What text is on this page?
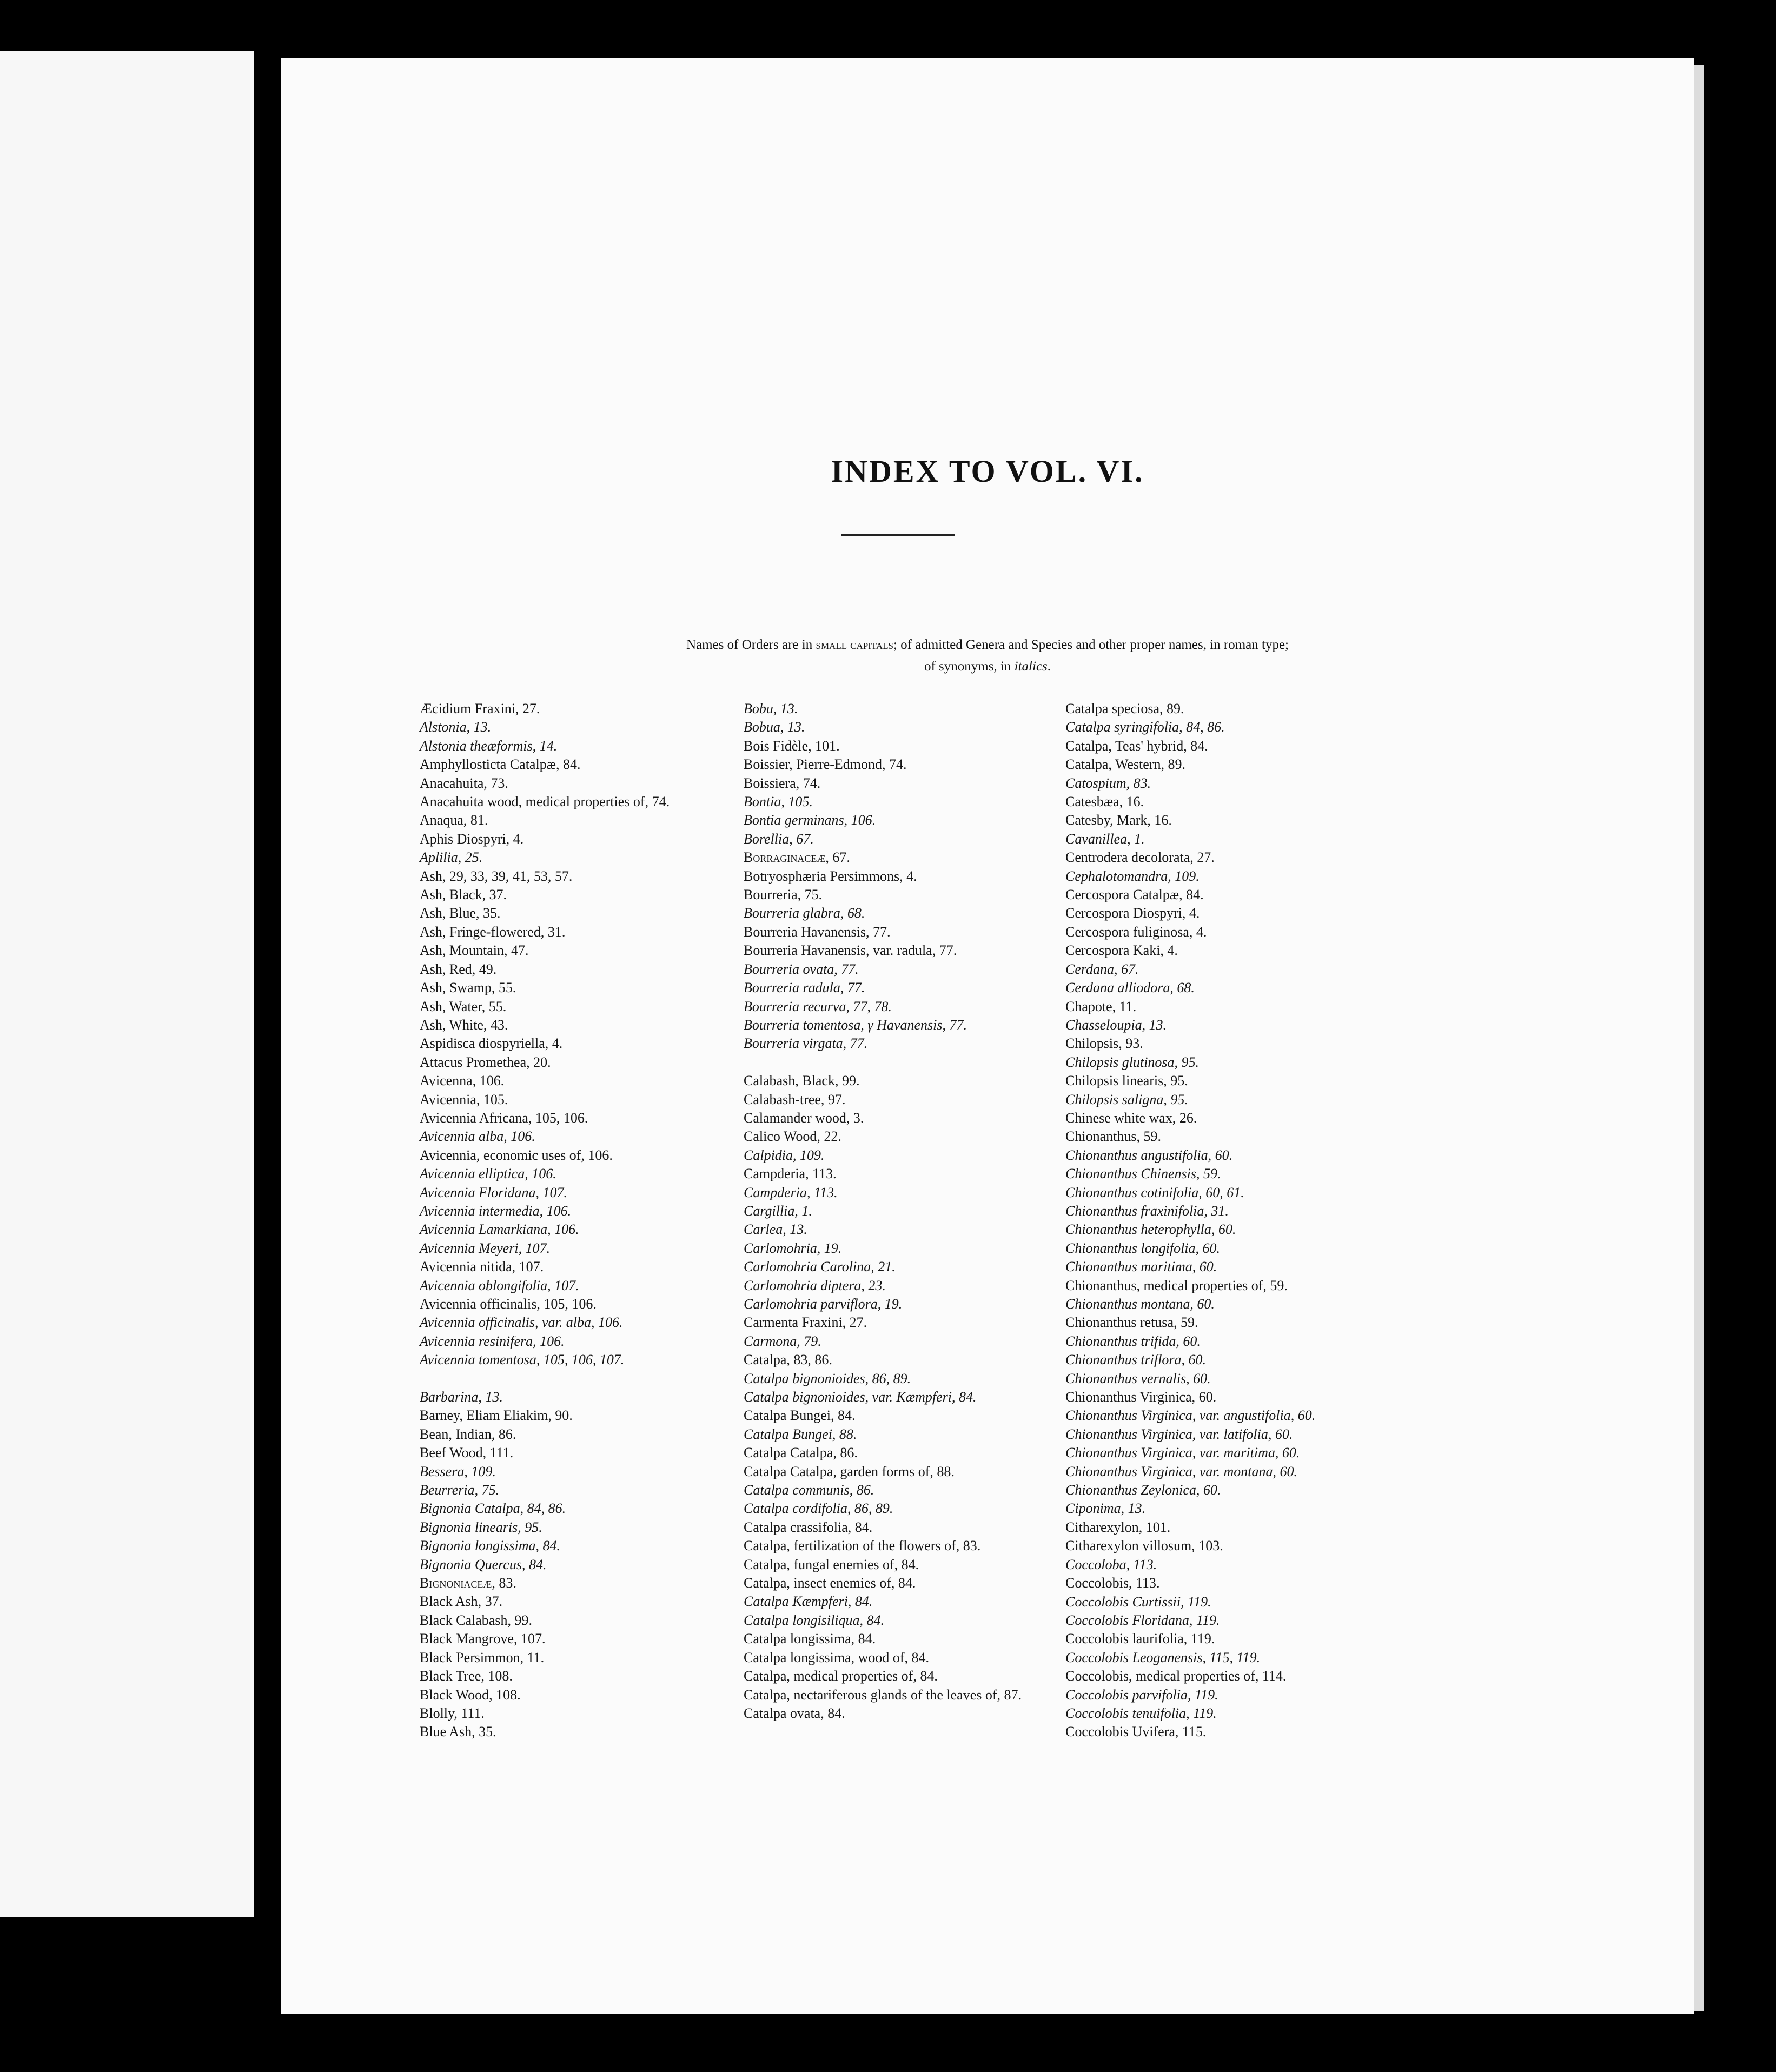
INDEX TO VOL. VI.
Names of Orders are in small capitals; of admitted Genera and Species and other proper names, in roman type;
of synonyms, in italics.
Æcidium Fraxini, 27.
Alstonia, 13.
Alstonia theæformis, 14.
Amphyllosticta Catalpæ, 84.
Anacahuita, 73.
Anacahuita wood, medical properties of, 74.
Anaqua, 81.
Aphis Diospyri, 4.
Aplilia, 25.
Ash, 29, 33, 39, 41, 53, 57.
Ash, Black, 37.
Ash, Blue, 35.
Ash, Fringe-flowered, 31.
Ash, Mountain, 47.
Ash, Red, 49.
Ash, Swamp, 55.
Ash, Water, 55.
Ash, White, 43.
Aspidisca diospyriella, 4.
Attacus Promethea, 20.
Avicenna, 106.
Avicennia, 105.
Avicennia Africana, 105, 106.
Avicennia alba, 106.
Avicennia, economic uses of, 106.
Avicennia elliptica, 106.
Avicennia Floridana, 107.
Avicennia intermedia, 106.
Avicennia Lamarkiana, 106.
Avicennia Meyeri, 107.
Avicennia nitida, 107.
Avicennia oblongifolia, 107.
Avicennia officinalis, 105, 106.
Avicennia officinalis, var. alba, 106.
Avicennia resinifera, 106.
Avicennia tomentosa, 105, 106, 107.
Barbarina, 13.
Barney, Eliam Eliakim, 90.
Bean, Indian, 86.
Beef Wood, 111.
Bessera, 109.
Beurreria, 75.
Bignonia Catalpa, 84, 86.
Bignonia linearis, 95.
Bignonia longissima, 84.
Bignonia Quercus, 84.
Bignoniaceæ, 83.
Black Ash, 37.
Black Calabash, 99.
Black Mangrove, 107.
Black Persimmon, 11.
Black Tree, 108.
Black Wood, 108.
Blolly, 111.
Blue Ash, 35.
Bobu, 13.
Bobua, 13.
Bois Fidèle, 101.
Boissier, Pierre-Edmond, 74.
Boissiera, 74.
Bontia, 105.
Bontia germinans, 106.
Borellia, 67.
Borraginaceæ, 67.
Botryosphæria Persimmons, 4.
Bourreria, 75.
Bourreria glabra, 68.
Bourreria Havanensis, 77.
Bourreria Havanensis, var. radula, 77.
Bourreria ovata, 77.
Bourreria radula, 77.
Bourreria recurva, 77, 78.
Bourreria tomentosa, γ Havanensis, 77.
Bourreria virgata, 77.
Calabash, Black, 99.
Calabash-tree, 97.
Calamander wood, 3.
Calico Wood, 22.
Calpidia, 109.
Campderia, 113.
Campderia, 113.
Cargillia, 1.
Carlea, 13.
Carlomohria, 19.
Carlomohria Carolina, 21.
Carlomohria diptera, 23.
Carlomohria parviflora, 19.
Carmenta Fraxini, 27.
Carmona, 79.
Catalpa, 83, 86.
Catalpa bignonioides, 86, 89.
Catalpa bignonioides, var. Kæmpferi, 84.
Catalpa Bungei, 84.
Catalpa Bungei, 88.
Catalpa Catalpa, 86.
Catalpa Catalpa, garden forms of, 88.
Catalpa communis, 86.
Catalpa cordifolia, 86, 89.
Catalpa crassifolia, 84.
Catalpa, fertilization of the flowers of, 83.
Catalpa, fungal enemies of, 84.
Catalpa, insect enemies of, 84.
Catalpa Kæmpferi, 84.
Catalpa longisiliqua, 84.
Catalpa longissima, 84.
Catalpa longissima, wood of, 84.
Catalpa, medical properties of, 84.
Catalpa, nectariferous glands of the leaves of, 87.
Catalpa ovata, 84.
Catalpa speciosa, 89.
Catalpa syringifolia, 84, 86.
Catalpa, Teas' hybrid, 84.
Catalpa, Western, 89.
Catospium, 83.
Catesbæa, 16.
Catesby, Mark, 16.
Cavanillea, 1.
Centrodera decolorata, 27.
Cephalotomandra, 109.
Cercospora Catalpæ, 84.
Cercospora Diospyri, 4.
Cercospora fuliginosa, 4.
Cercospora Kaki, 4.
Cerdana, 67.
Cerdana alliodora, 68.
Chapote, 11.
Chasseloupia, 13.
Chilopsis, 93.
Chilopsis glutinosa, 95.
Chilopsis linearis, 95.
Chilopsis saligna, 95.
Chinese white wax, 26.
Chionanthus, 59.
Chionanthus angustifolia, 60.
Chionanthus Chinensis, 59.
Chionanthus cotinifolia, 60, 61.
Chionanthus fraxinifolia, 31.
Chionanthus heterophylla, 60.
Chionanthus longifolia, 60.
Chionanthus maritima, 60.
Chionanthus, medical properties of, 59.
Chionanthus montana, 60.
Chionanthus retusa, 59.
Chionanthus trifida, 60.
Chionanthus triflora, 60.
Chionanthus vernalis, 60.
Chionanthus Virginica, 60.
Chionanthus Virginica, var. angustifolia, 60.
Chionanthus Virginica, var. latifolia, 60.
Chionanthus Virginica, var. maritima, 60.
Chionanthus Virginica, var. montana, 60.
Chionanthus Zeylonica, 60.
Ciponima, 13.
Citharexylon, 101.
Citharexylon villosum, 103.
Coccoloba, 113.
Coccolobis, 113.
Coccolobis Curtissii, 119.
Coccolobis Floridana, 119.
Coccolobis laurifolia, 119.
Coccolobis Leoganensis, 115, 119.
Coccolobis, medical properties of, 114.
Coccolobis parvifolia, 119.
Coccolobis tenuifolia, 119.
Coccolobis Uvifera, 115.
